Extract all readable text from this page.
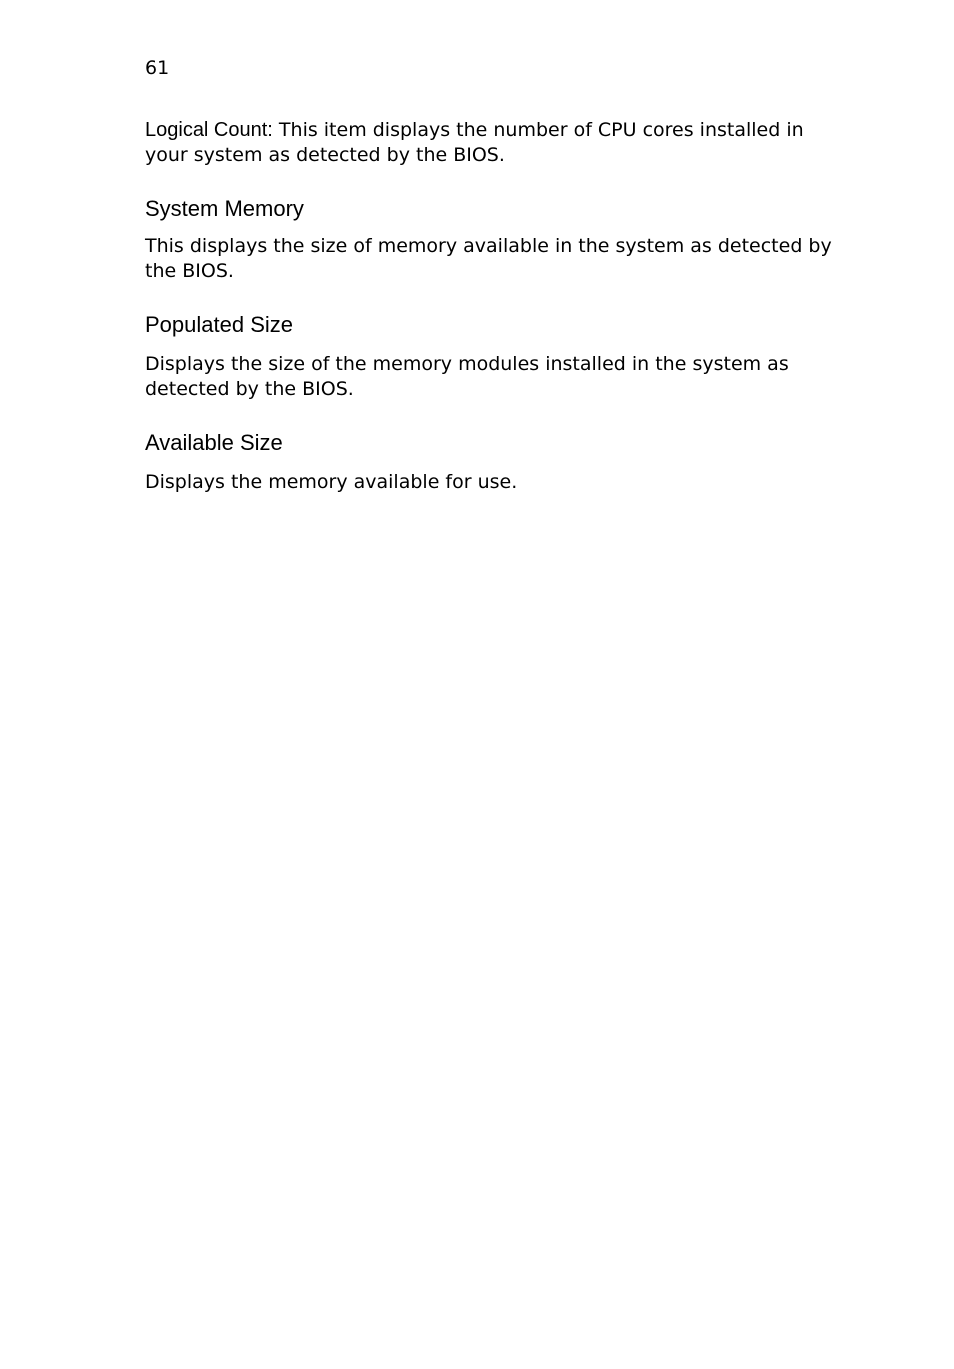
61

Logical Count: This item displays the number of CPU cores installed in your system as detected by the BIOS.

System Memory

This displays the size of memory available in the system as detected by the BIOS.

Populated Size

Displays the size of the memory modules installed in the system as detected by the BIOS.

Available Size

Displays the memory available for use.
